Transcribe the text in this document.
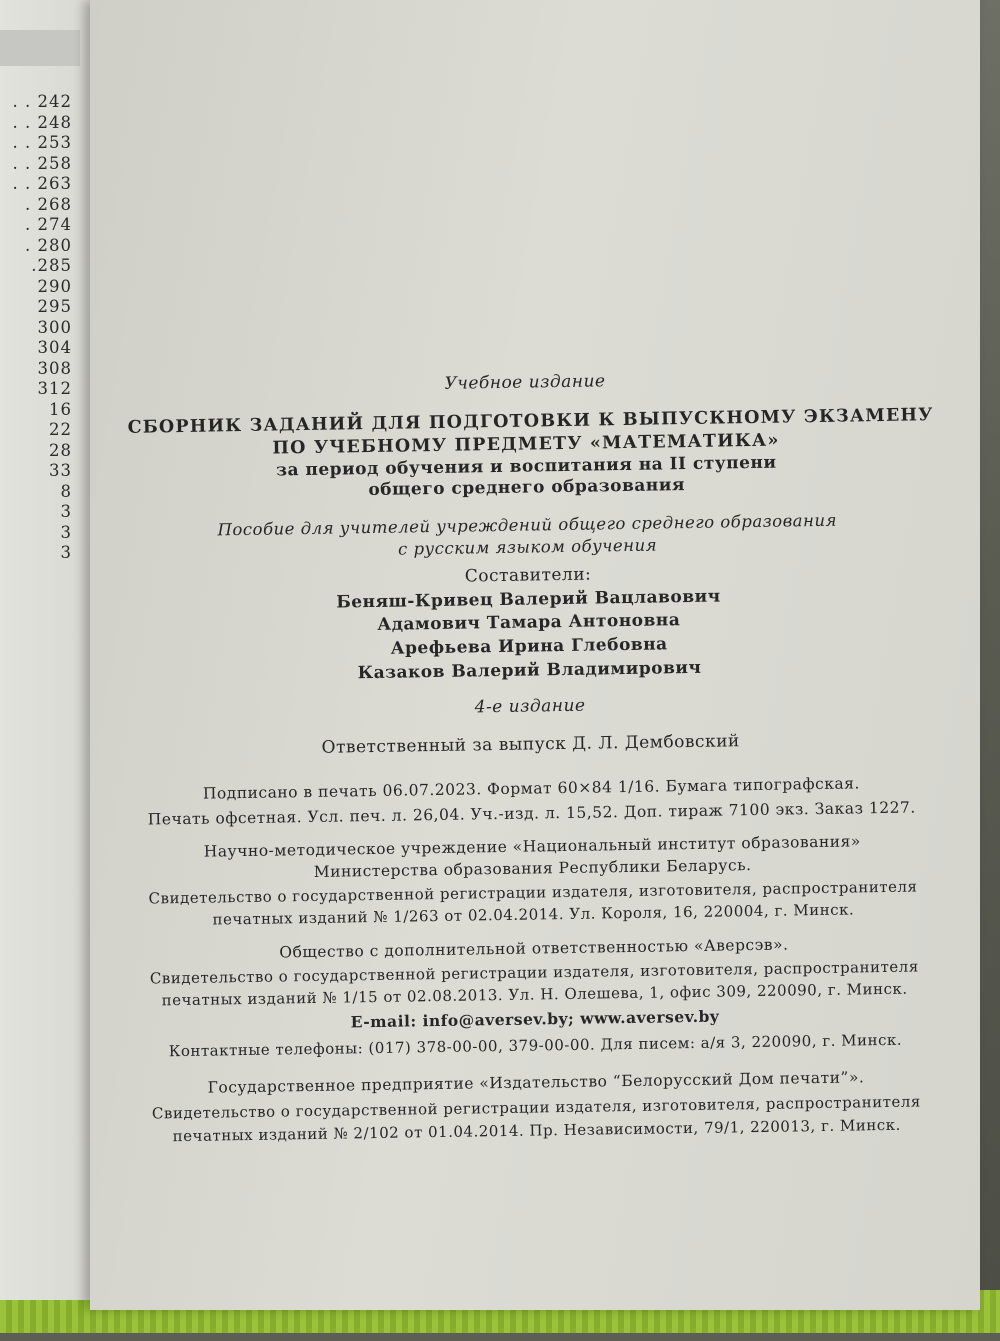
. . 242
. . 248
. . 253
. . 258
. . 263
. 268
. 274
. 280
.285
290
295
300
304
308
312
16
22
28
33
8
3
3
3
Учебное издание
СБОРНИК ЗАДАНИЙ ДЛЯ ПОДГОТОВКИ К ВЫПУСКНОМУ ЭКЗАМЕНУ
ПО УЧЕБНОМУ ПРЕДМЕТУ «МАТЕМАТИКА»
за период обучения и воспитания на II ступени
общего среднего образования
Пособие для учителей учреждений общего среднего образования
с русским языком обучения
Составители:
Беняш-Кривец Валерий Вацлавович
Адамович Тамара Антоновна
Арефьева Ирина Глебовна
Казаков Валерий Владимирович
4-е издание
Ответственный за выпуск Д. Л. Дембовский
Подписано в печать 06.07.2023. Формат 60×84 1/16. Бумага типографская.
Печать офсетная. Усл. печ. л. 26,04. Уч.-изд. л. 15,52. Доп. тираж 7100 экз. Заказ 1227.
Научно-методическое учреждение «Национальный институт образования»
Министерства образования Республики Беларусь.
Свидетельство о государственной регистрации издателя, изготовителя, распространителя
печатных изданий № 1/263 от 02.04.2014. Ул. Короля, 16, 220004, г. Минск.
Общество с дополнительной ответственностью «Аверсэв».
Свидетельство о государственной регистрации издателя, изготовителя, распространителя
печатных изданий № 1/15 от 02.08.2013. Ул. Н. Олешева, 1, офис 309, 220090, г. Минск.
E-mail: info@aversev.by; www.aversev.by
Контактные телефоны: (017) 378-00-00, 379-00-00. Для писем: а/я 3, 220090, г. Минск.
Государственное предприятие «Издательство “Белорусский Дом печати”».
Свидетельство о государственной регистрации издателя, изготовителя, распространителя
печатных изданий № 2/102 от 01.04.2014. Пр. Независимости, 79/1, 220013, г. Минск.
